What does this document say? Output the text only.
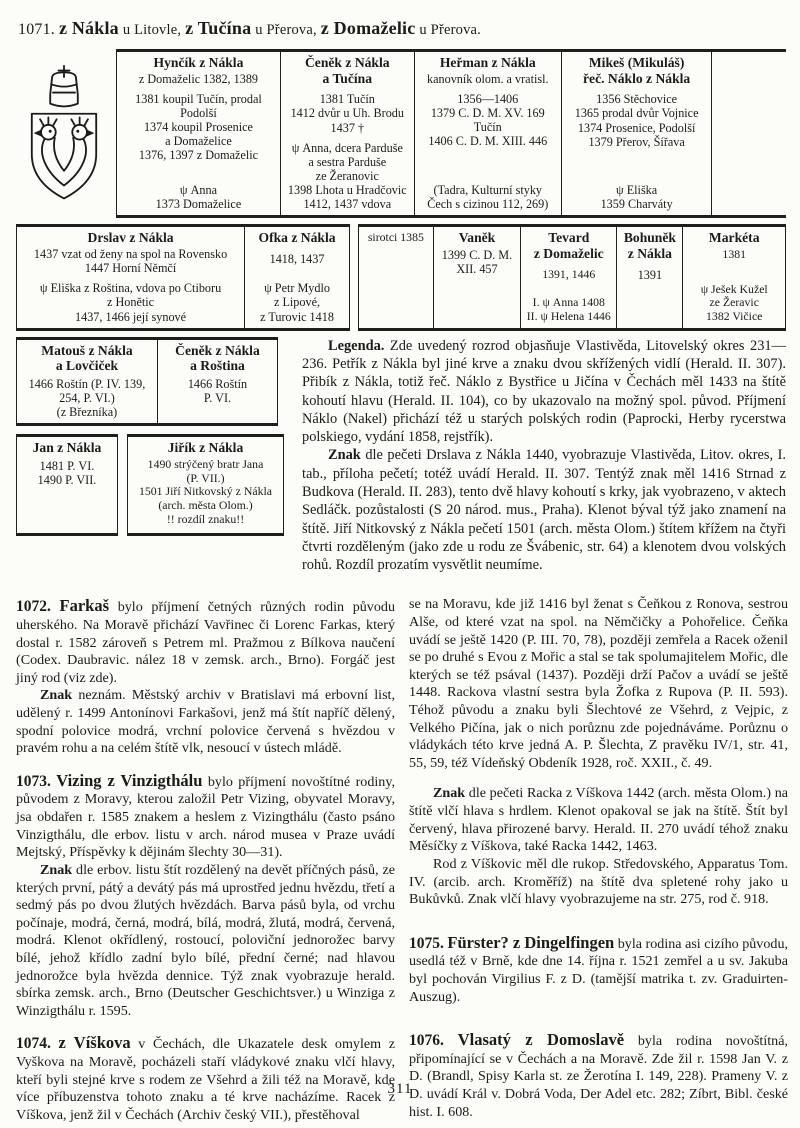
1071. z Nákla u Litovle, z Tučína u Přerova, z Domaželic u Přerova.
Hynčík z Nákla
z Domaželic 1382, 1389
1381 koupil Tučín, prodal
Podolší
1374 koupil Prosenice
a Domaželice
1376, 1397 z Domaželic
ψ Anna
1373 Domaželice
Čeněk z Nákla
a Tučína
1381 Tučín
1412 dvůr u Uh. Brodu
1437 †
ψ Anna, dcera Parduše
a sestra Parduše
ze Žeranovic
1398 Lhota u Hradčovic
1412, 1437 vdova
Heřman z Nákla
kanovník olom. a vratisl.
1356—1406
1379 C. D. M. XV. 169
Tučín
1406 C. D. M. XIII. 446
(Tadra, Kulturní styky
Čech s cizinou 112, 269)
Mikeš (Mikuláš)
řeč. Náklo z Nákla
1356 Stěchovice
1365 prodal dvůr Vojnice
1374 Prosenice, Podolší
1379 Přerov, Šířava
ψ Eliška
1359 Charváty
Drslav z Nákla
1437 vzat od ženy na spol na Rovensko
1447 Horní Němčí
ψ Eliška z Roština, vdova po Ctiboru
z Honětic
1437, 1466 její synové
Ofka z Nákla
1418, 1437
ψ Petr Mydlo
z Lipové,
z Turovic 1418
sirotci 1385	Vaněk
1399 C. D. M.
XII. 457
Tevard
z Domaželic
1391, 1446
I. ψ Anna 1408
II. ψ Helena 1446
Bohuněk
z Nákla
1391
Markéta
1381
ψ Ješek Kužel
ze Žeravic
1382 Vičice
Matouš z Nákla
a Lovčiček
1466 Roštín (P. IV. 139,
254, P. VI.)
(z Březníka)
Čeněk z Nákla
a Roština
1466 Roštín
P. VI.
Jan z Nákla
1481 P. VI.
1490 P. VII.
Jiřík z Nákla
1490 strýčený bratr Jana
(P. VII.)
1501 Jiří Nitkovský z Nákla
(arch. města Olom.)
!! rozdíl znaku!!

Legenda. Zde uvedený rozrod objasňuje Vlastivěda, Litovelský okres 231—236. Petřík z Nákla byl jiné krve a znaku dvou skřížených vidlí (Herald. II. 307). Přibík z Nákla, totiž řeč. Náklo z Bystřice u Jičína v Čechách měl 1433 na štítě kohoutí hlavu (Herald. II. 104), co by ukazovalo na možný spol. původ. Příjmení Náklo (Nakel) přichází též u starých polských rodin (Paprocki, Herby rycerstwa polskiego, vydání 1858, rejstřík).

Znak dle pečeti Drslava z Nákla 1440, vyobrazuje Vlastivěda, Litov. okres, I. tab., příloha pečetí; totéž uvádí Herald. II. 307. Tentýž znak měl 1416 Strnad z Budkova (Herald. II. 283), tento dvě hlavy kohoutí s krky, jak vyobrazeno, v aktech Sedláčk. pozůstalosti (S 20 národ. mus., Praha). Klenot býval týž jako znamení na štítě. Jiří Nitkovský z Nákla pečetí 1501 (arch. města Olom.) štítem křížem na čtyři čtvrti rozděleným (jako zde u rodu ze Švábenic, str. 64) a klenotem dvou volských rohů. Rozdíl prozatím vysvětlit neumíme.

1072. Farkaš bylo příjmení četných různých rodin původu uherského. Na Moravě přichází Vavřinec či Lorenc Farkas, který dostal r. 1582 zároveň s Petrem ml. Pražmou z Bílkova naučení (Codex. Daubravic. nález 18 v zemsk. arch., Brno). Forgáč jest jiný rod (viz zde).

Znak neznám. Městský archiv v Bratislavi má erbovní list, udělený r. 1499 Antonínovi Farkašovi, jenž má štít napříč dělený, spodní polovice modrá, vrchní polovice červená s hvězdou v pravém rohu a na celém štítě vlk, nesoucí v ústech mládě.

1073. Vizing z Vinzigthálu bylo příjmení novoštítné rodiny, původem z Moravy, kterou založil Petr Vizing, obyvatel Moravy, jsa obdařen r. 1585 znakem a heslem z Vizingthálu (často psáno Vinzigthálu, dle erbov. listu v arch. národ musea v Praze uvádí Mejtský, Příspěvky k dějinám šlechty 30—31).

Znak dle erbov. listu štít rozdělený na devět příčných pásů, ze kterých první, pátý a devátý pás má uprostřed jednu hvězdu, třetí a sedmý pás po dvou žlutých hvězdách. Barva pásů byla, od vrchu počínaje, modrá, černá, modrá, bílá, modrá, žlutá, modrá, červená, modrá. Klenot okřídlený, rostoucí, poloviční jednorožec barvy bílé, jehož křídlo zadní bylo bílé, přední černé; nad hlavou jednorožce byla hvězda dennice. Týž znak vyobrazuje herald. sbírka zemsk. arch., Brno (Deutscher Geschichtsver.) u Winziga z Winzigthálu r. 1595.

1074. z Víškova v Čechách, dle Ukazatele desk omylem z Vyškova na Moravě, pocházeli staří vládykové znaku vlčí hlavy, kteří byli stejné krve s rodem ze Všehrd a žili též na Moravě, kde více příbuzenstva tohoto znaku a té krve nacházíme. Racek z Víškova, jenž žil v Čechách (Archiv český VII.), přestěhoval

se na Moravu, kde již 1416 byl ženat s Čeňkou z Ronova, sestrou Alše, od které vzat na spol. na Němčičky a Pohořelice. Čeňka uvádí se ještě 1420 (P. III. 70, 78), později zemřela a Racek oženil se po druhé s Evou z Mořic a stal se tak spolumajitelem Mořic, dle kterých se též psával (1437). Později drží Pačov a uvádí se ještě 1448. Rackova vlastní sestra byla Žofka z Rupova (P. II. 593). Téhož původu a znaku byli Šlechtové ze Všehrd, z Vejpic, z Velkého Pičína, jak o nich porůznu zde pojednáváme. Porůznu o vládykách této krve jedná A. P. Šlechta, Z pravěku IV/1, str. 41, 55, 59, též Vídeňský Obdeník 1928, roč. XXII., č. 49.

Znak dle pečeti Racka z Víškova 1442 (arch. města Olom.) na štítě vlčí hlava s hrdlem. Klenot opakoval se jak na štítě. Štít byl červený, hlava přirozené barvy. Herald. II. 270 uvádí téhož znaku Měsíčky z Víškova, také Racka 1442, 1463.

Rod z Víškovic měl dle rukop. Středovského, Apparatus Tom. IV. (arcib. arch. Kroměříž) na štítě dva spletené rohy jako u Bukůvků. Znak vlčí hlavy vyobrazujeme na str. 275, rod č. 918.

1075. Fürster? z Dingelfingen byla rodina asi cizího původu, usedlá též v Brně, kde dne 14. října r. 1521 zemřel a u sv. Jakuba byl pochován Virgilius F. z D. (tamější matrika t. zv. Graduirten-Auszug).

1076. Vlasatý z Domoslavě byla rodina novoštítná, připomínající se v Čechách a na Moravě. Zde žil r. 1598 Jan V. z D. (Brandl, Spisy Karla st. ze Žerotína I. 149, 228). Prameny V. z D. uvádí Král v. Dobrá Voda, Der Adel etc. 282; Zíbrt, Bibl. české hist. I. 608.

311
